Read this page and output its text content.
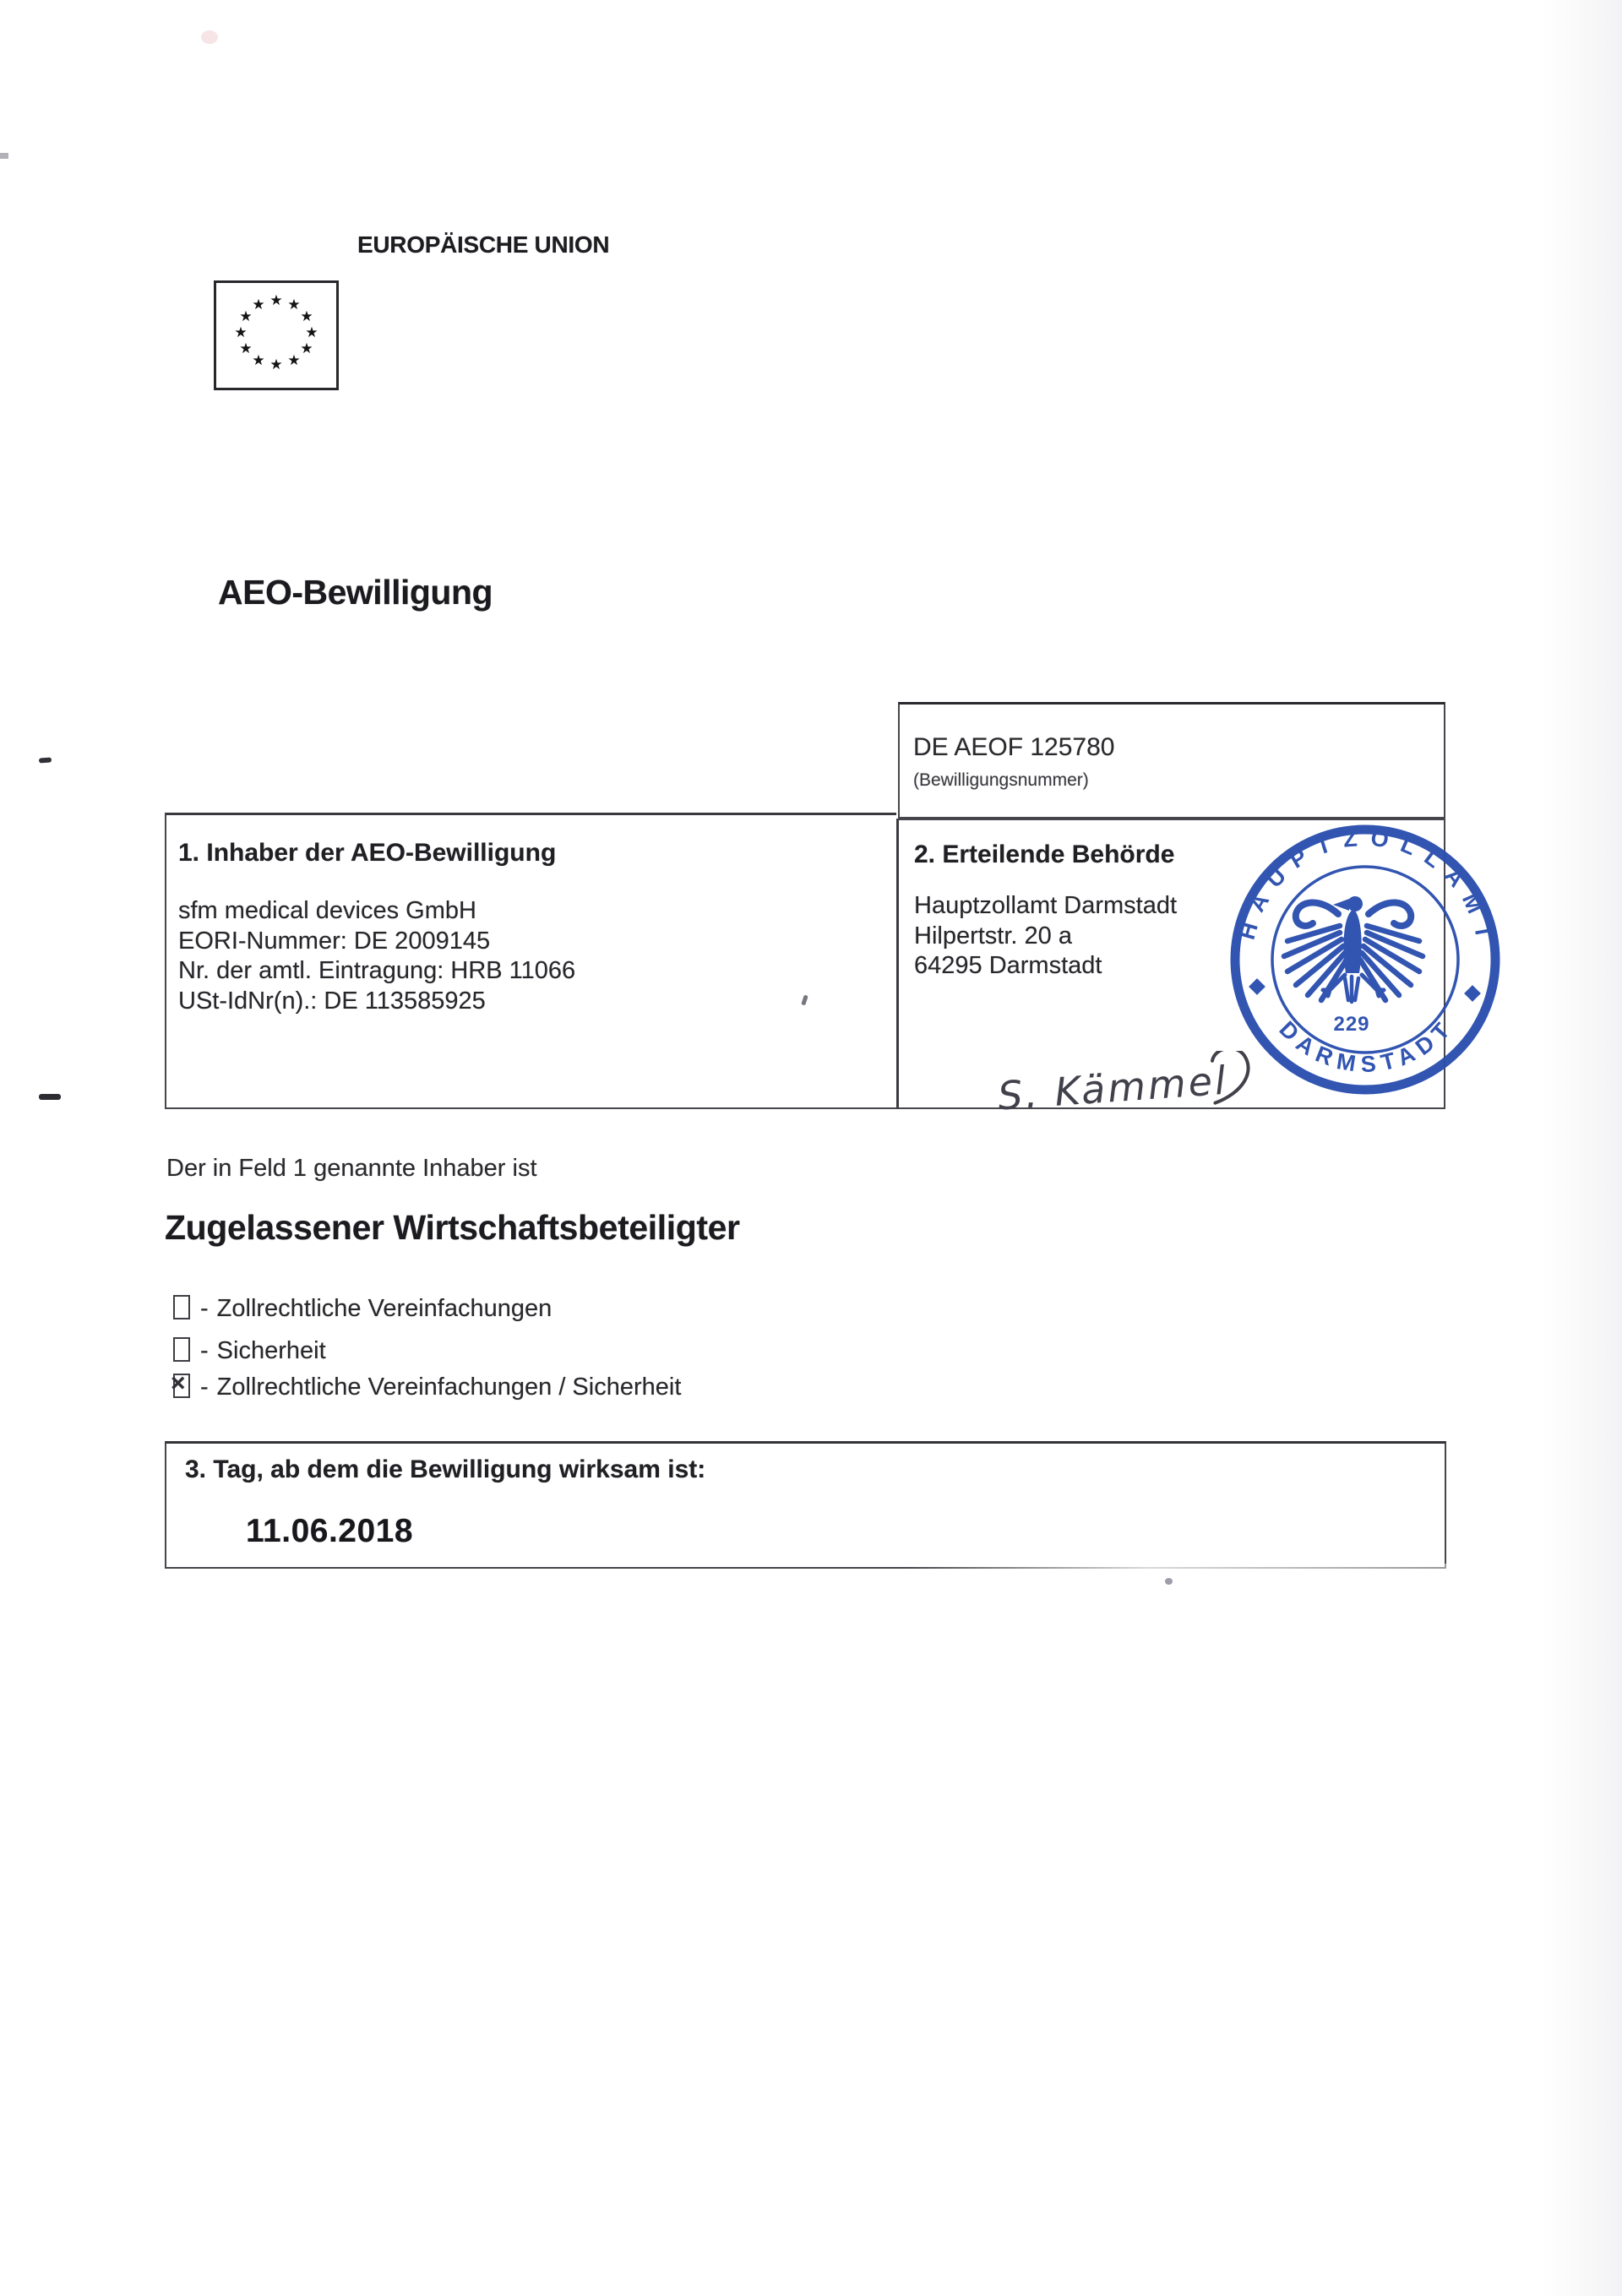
EUROPÄISCHE UNION
★ ★
★
★
★
★
★
★
★
★
★
★
AEO-Bewilligung
DE AEOF 125780
(Bewilligungsnummer)
1. Inhaber der AEO-Bewilligung
sfm medical devices GmbH
EORI-Nummer: DE 2009145
Nr. der amtl. Eintragung: HRB 11066
USt-IdNr(n).: DE 113585925
2. Erteilende Behörde
Hauptzollamt Darmstadt
Hilpertstr. 20 a
64295 Darmstadt
HAUPTZOLLAMT
DARMSTADT
229
S. Kämmel
Der in Feld 1 genannte Inhaber ist
Zugelassener Wirtschaftsbeteiligter
- Zollrechtliche Vereinfachungen
- Sicherheit
× - Zollrechtliche Vereinfachungen / Sicherheit
3. Tag, ab dem die Bewilligung wirksam ist:
11.06.2018
